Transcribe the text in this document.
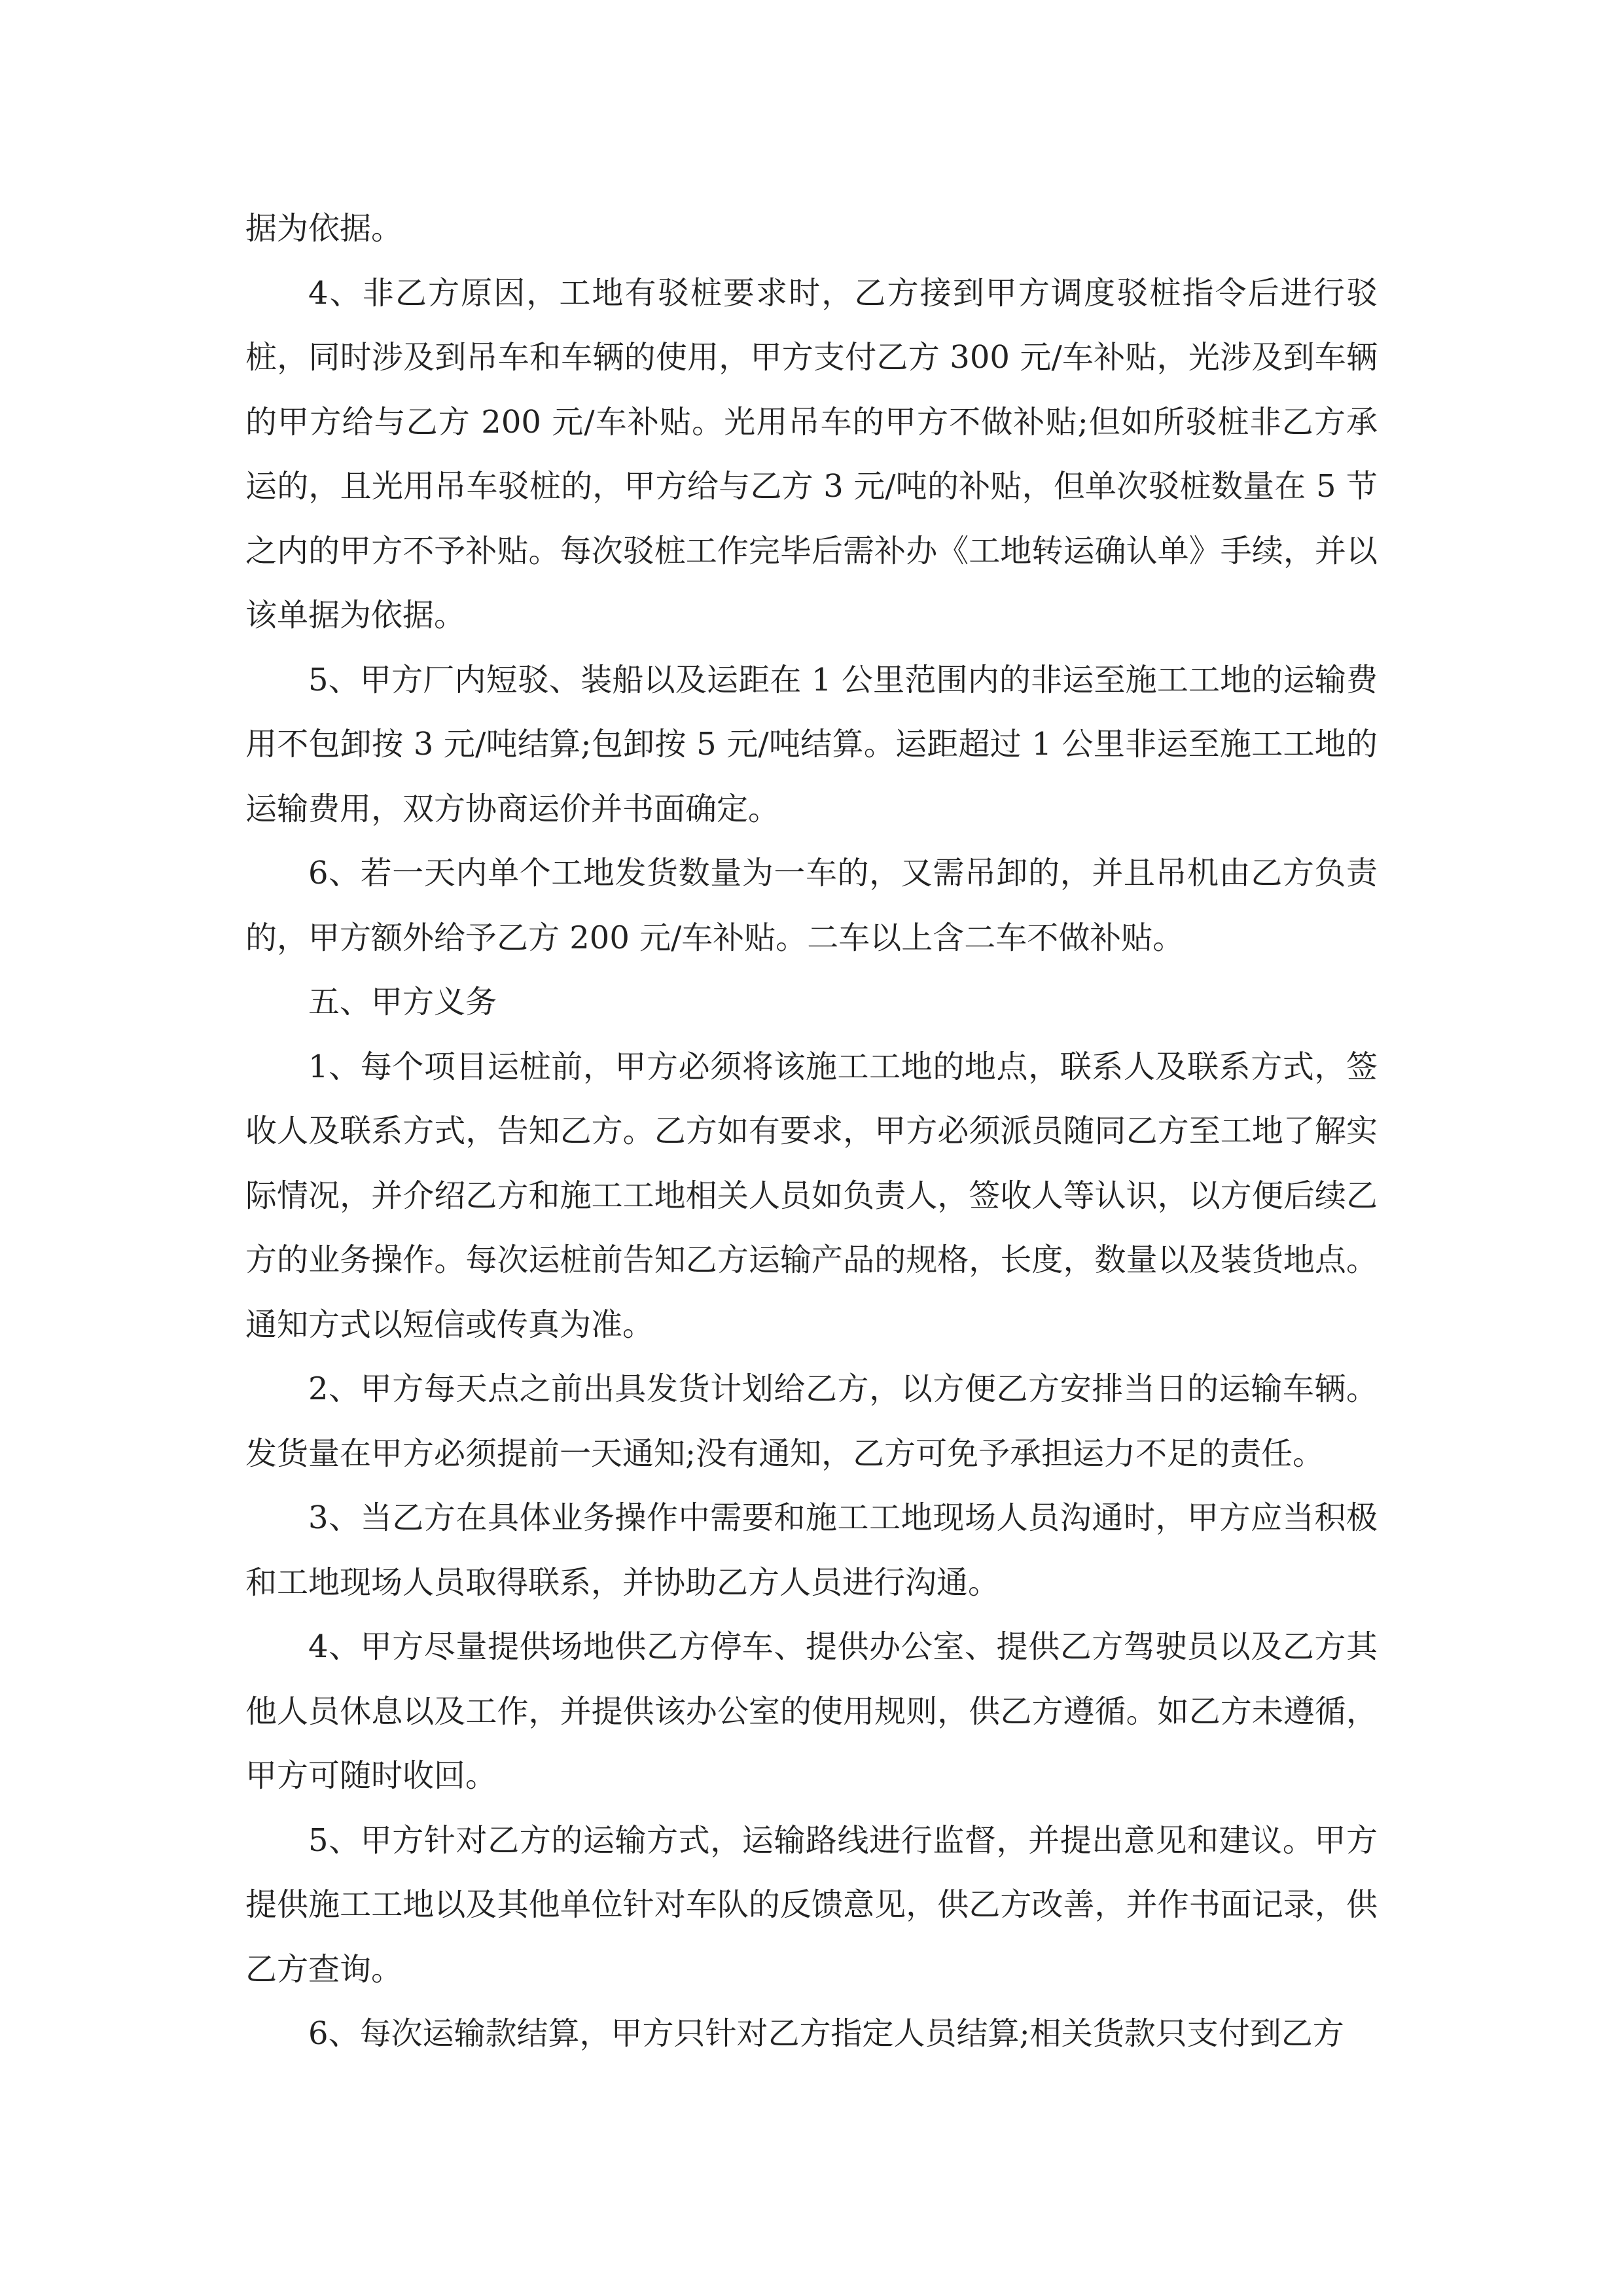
据为依据。

4、非乙方原因，工地有驳桩要求时，乙方接到甲方调度驳桩指令后进行驳桩，同时涉及到吊车和车辆的使用，甲方支付乙方 300 元/车补贴，光涉及到车辆的甲方给与乙方 200 元/车补贴。光用吊车的甲方不做补贴;但如所驳桩非乙方承运的，且光用吊车驳桩的，甲方给与乙方 3 元/吨的补贴，但单次驳桩数量在 5 节之内的甲方不予补贴。每次驳桩工作完毕后需补办《工地转运确认单》手续，并以该单据为依据。

5、甲方厂内短驳、装船以及运距在 1 公里范围内的非运至施工工地的运输费用不包卸按 3 元/吨结算;包卸按 5 元/吨结算。运距超过 1 公里非运至施工工地的运输费用，双方协商运价并书面确定。

6、若一天内单个工地发货数量为一车的，又需吊卸的，并且吊机由乙方负责的，甲方额外给予乙方 200 元/车补贴。二车以上含二车不做补贴。

五、甲方义务

1、每个项目运桩前，甲方必须将该施工工地的地点，联系人及联系方式，签收人及联系方式，告知乙方。乙方如有要求，甲方必须派员随同乙方至工地了解实际情况，并介绍乙方和施工工地相关人员如负责人，签收人等认识，以方便后续乙方的业务操作。每次运桩前告知乙方运输产品的规格，长度，数量以及装货地点。通知方式以短信或传真为准。

2、甲方每天点之前出具发货计划给乙方，以方便乙方安排当日的运输车辆。发货量在甲方必须提前一天通知;没有通知，乙方可免予承担运力不足的责任。

3、当乙方在具体业务操作中需要和施工工地现场人员沟通时，甲方应当积极和工地现场人员取得联系，并协助乙方人员进行沟通。

4、甲方尽量提供场地供乙方停车、提供办公室、提供乙方驾驶员以及乙方其他人员休息以及工作，并提供该办公室的使用规则，供乙方遵循。如乙方未遵循，甲方可随时收回。

5、甲方针对乙方的运输方式，运输路线进行监督，并提出意见和建议。甲方提供施工工地以及其他单位针对车队的反馈意见，供乙方改善，并作书面记录，供乙方查询。

6、每次运输款结算，甲方只针对乙方指定人员结算;相关货款只支付到乙方
